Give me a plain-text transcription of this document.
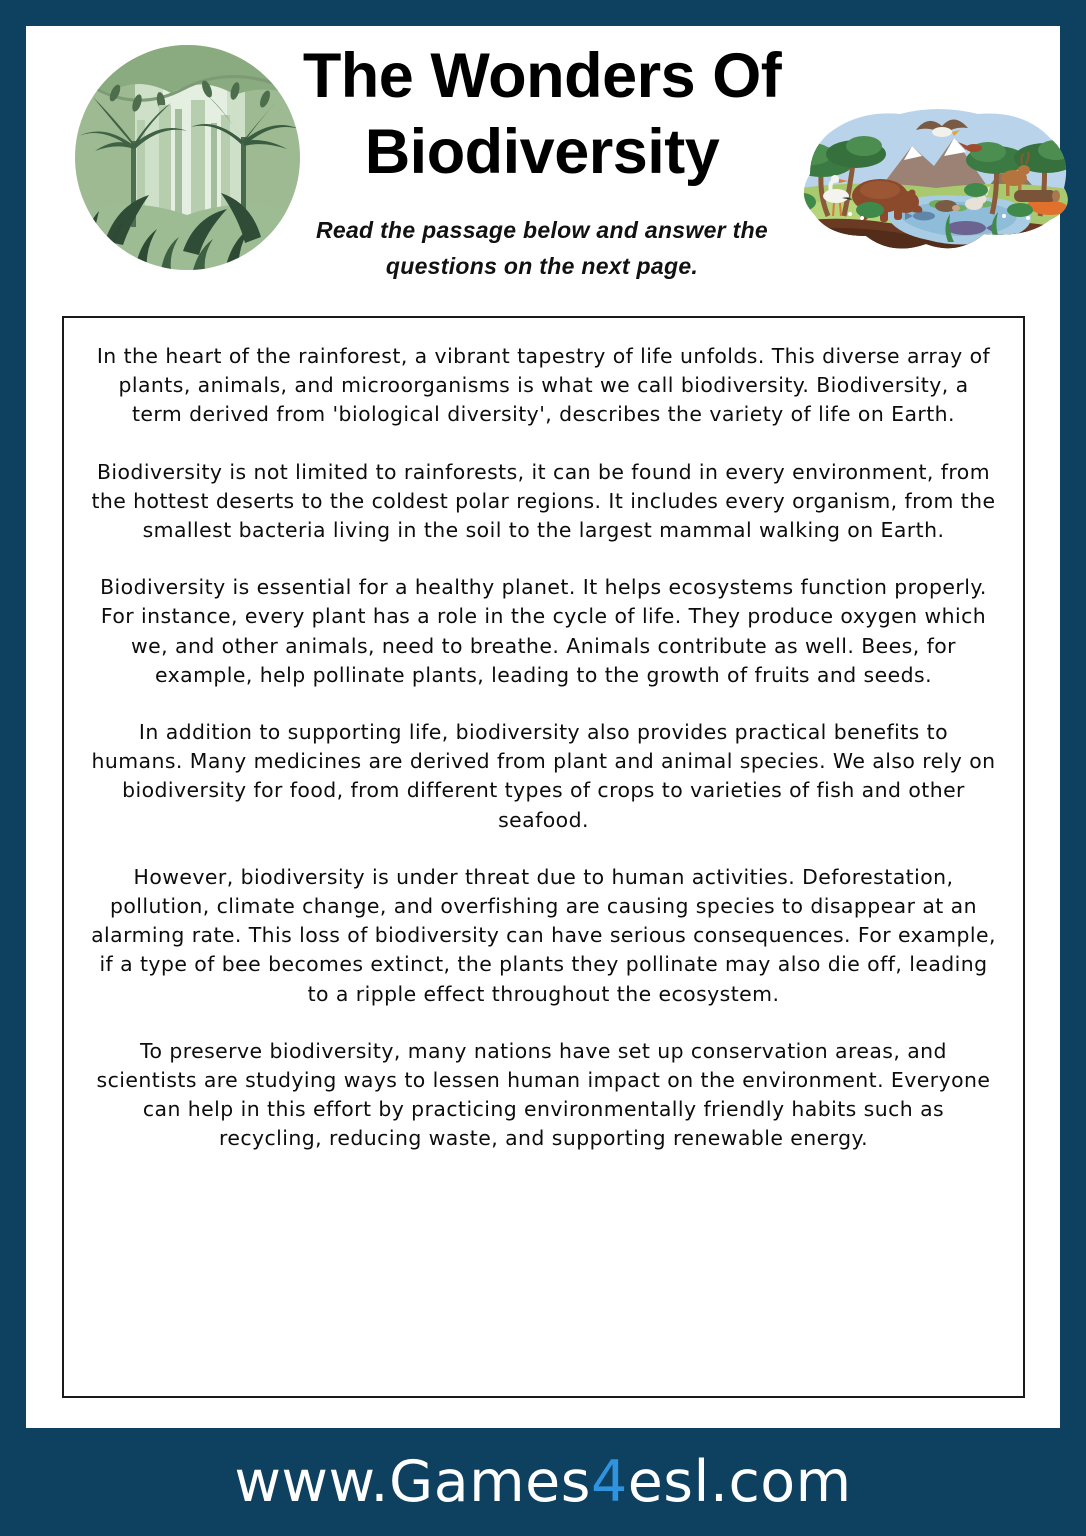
The Wonders Of
Biodiversity
Read the passage below and answer the
questions on the next page.

In the heart of the rainforest, a vibrant tapestry of life unfolds. This diverse array of plants, animals, and microorganisms is what we call biodiversity. Biodiversity, a term derived from 'biological diversity', describes the variety of life on Earth.

Biodiversity is not limited to rainforests, it can be found in every environment, from the hottest deserts to the coldest polar regions. It includes every organism, from the smallest bacteria living in the soil to the largest mammal walking on Earth.

Biodiversity is essential for a healthy planet. It helps ecosystems function properly. For instance, every plant has a role in the cycle of life. They produce oxygen which we, and other animals, need to breathe. Animals contribute as well. Bees, for example, help pollinate plants, leading to the growth of fruits and seeds.

In addition to supporting life, biodiversity also provides practical benefits to humans. Many medicines are derived from plant and animal species. We also rely on biodiversity for food, from different types of crops to varieties of fish and other seafood.

However, biodiversity is under threat due to human activities. Deforestation, pollution, climate change, and overfishing are causing species to disappear at an alarming rate. This loss of biodiversity can have serious consequences. For example, if a type of bee becomes extinct, the plants they pollinate may also die off, leading to a ripple effect throughout the ecosystem.

To preserve biodiversity, many nations have set up conservation areas, and scientists are studying ways to lessen human impact on the environment. Everyone can help in this effort by practicing environmentally friendly habits such as recycling, reducing waste, and supporting renewable energy.

www.Games4esl.com
